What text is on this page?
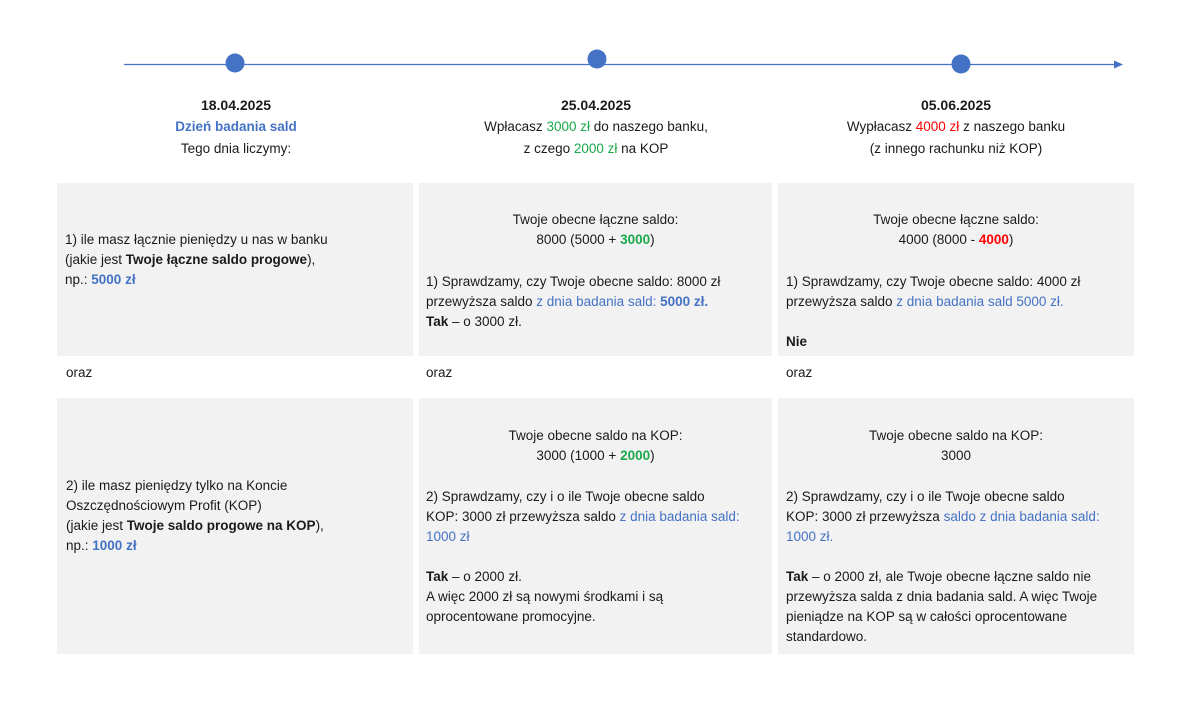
18.04.2025
Dzień badania sald
Tego dnia liczymy:
25.04.2025
Wpłacasz 3000 zł do naszego banku,
z czego 2000 zł na KOP
05.06.2025
Wypłacasz 4000 zł z naszego banku
(z innego rachunku niż KOP)
1) ile masz łącznie pieniędzy u nas w banku
(jakie jest Twoje łączne saldo progowe),
np.: 5000 zł
oraz	oraz	oraz
2) ile masz pieniędzy tylko na Koncie
Oszczędnościowym Profit (KOP)
(jakie jest Twoje saldo progowe na KOP),
np.: 1000 zł
Twoje obecne łączne saldo:
8000 (5000 + 3000)
1) Sprawdzamy, czy Twoje obecne saldo: 8000 zł
przewyższa saldo z dnia badania sald: 5000 zł.
Tak – o 3000 zł.
Twoje obecne saldo na KOP:
3000 (1000 + 2000)
2) Sprawdzamy, czy i o ile Twoje obecne saldo
KOP: 3000 zł przewyższa saldo z dnia badania sald:
1000 zł
Tak – o 2000 zł.
A więc 2000 zł są nowymi środkami i są
oprocentowane promocyjne.
Twoje obecne łączne saldo:
4000 (8000 - 4000)
1) Sprawdzamy, czy Twoje obecne saldo: 4000 zł
przewyższa saldo z dnia badania sald 5000 zł.
Nie
Twoje obecne saldo na KOP:
3000
2) Sprawdzamy, czy i o ile Twoje obecne saldo
KOP: 3000 zł przewyższa saldo z dnia badania sald:
1000 zł.
Tak – o 2000 zł, ale Twoje obecne łączne saldo nie
przewyższa salda z dnia badania sald. A więc Twoje
pieniądze na KOP są w całości oprocentowane
standardowo.
